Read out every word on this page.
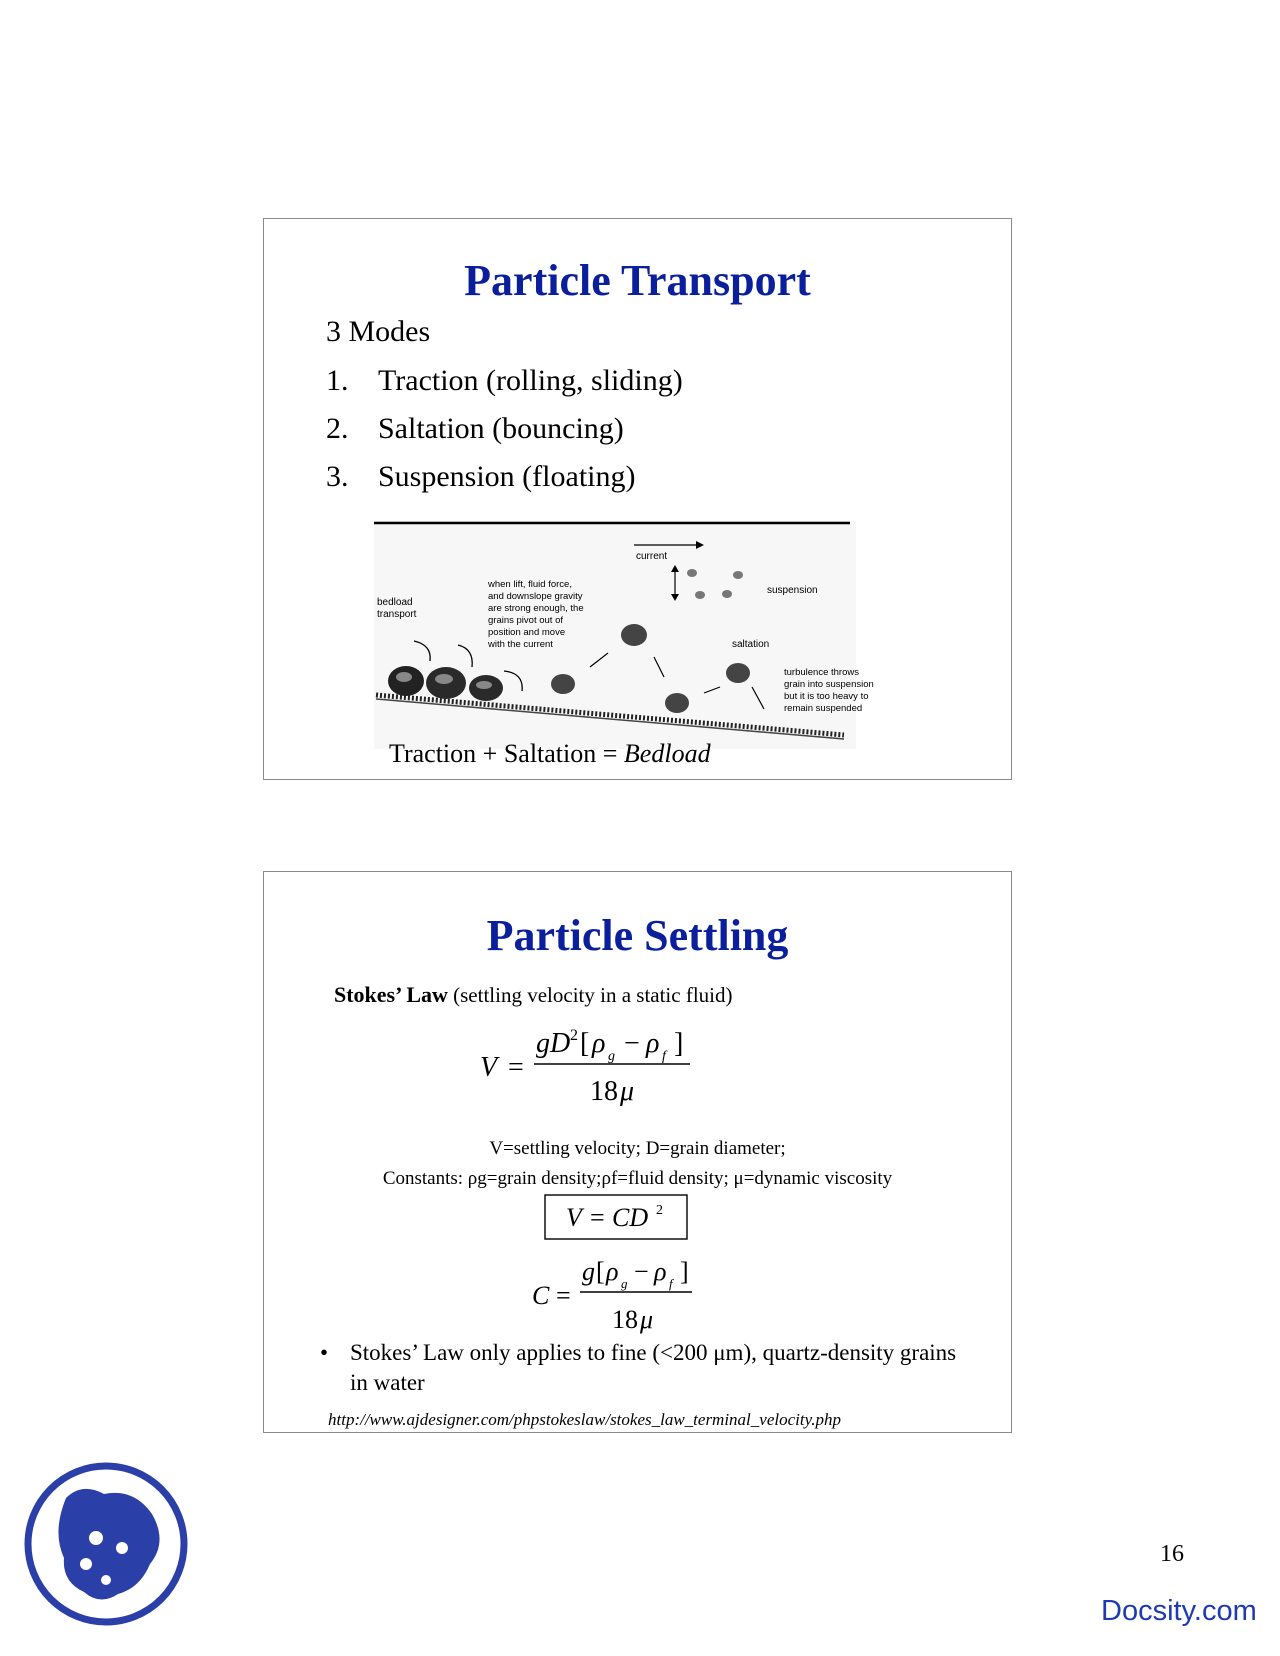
Particle Transport
3 Modes
1. Traction (rolling, sliding)
2. Saltation (bouncing)
3. Suspension (floating)
current
suspension
saltation
bedload transport
when lift, fluid force, and downslope gravity are strong enough, the grains pivot out of position and move with the current
turbulence throws grain into suspension but it is too heavy to remain suspended
Traction + Saltation = Bedload
Particle Settling
Stokes’ Law (settling velocity in a static fluid)
V =
gD 2 [ ρ g − ρ f ]
18 μ
V=settling velocity; D=grain diameter;
Constants: ρg=grain density;ρf=fluid density; μ=dynamic viscosity
V = CD 2
C =
g [ ρ g − ρ f ]
18 μ
• Stokes’ Law only applies to fine (<200 μm), quartz-density grains in water
http://www.ajdesigner.com/phpstokeslaw/stokes_law_terminal_velocity.php
16
Docsity.com
